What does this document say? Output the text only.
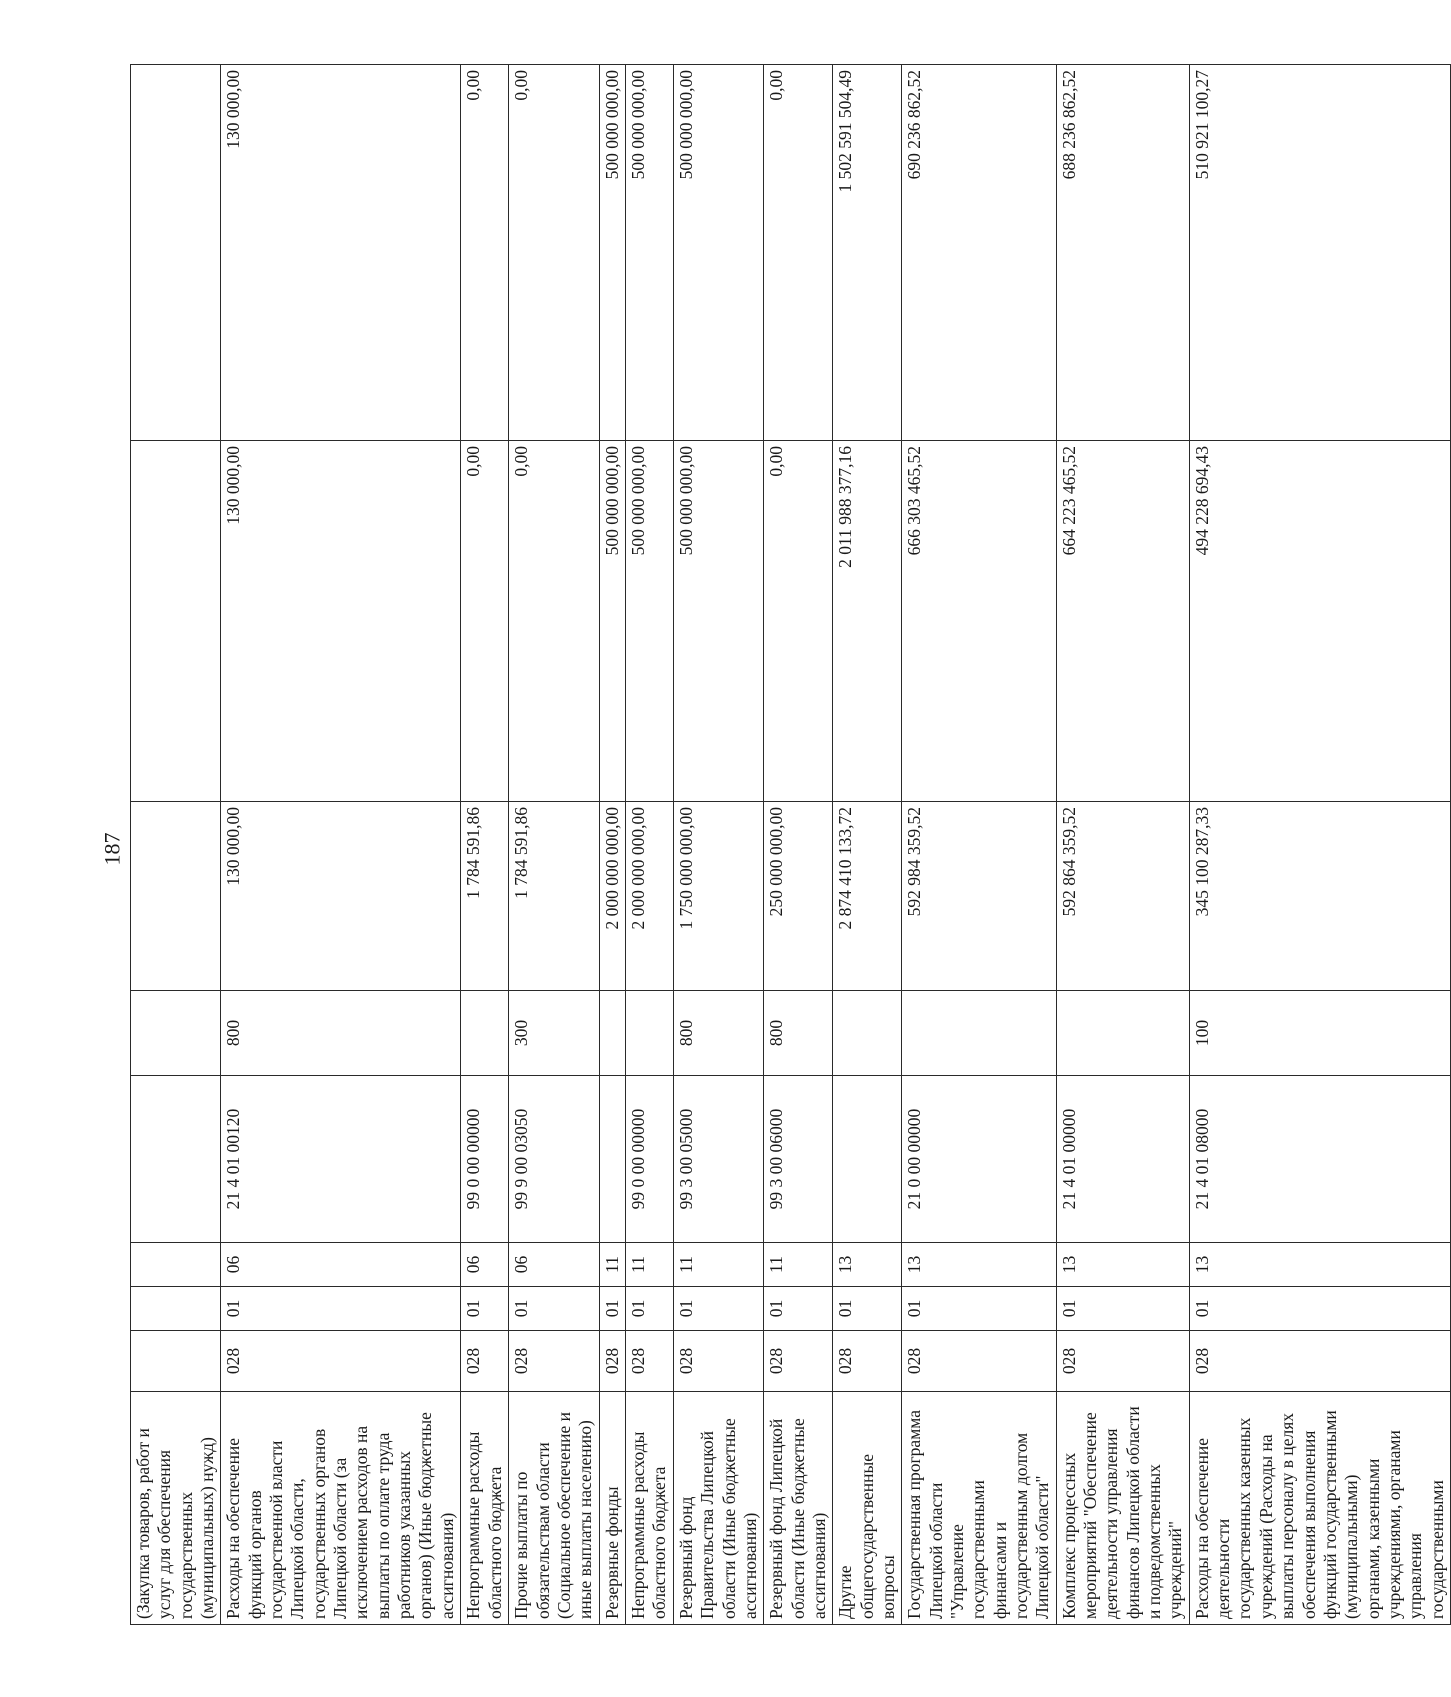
187
(Закупка товаров, работ и услуг для обеспечения государственных (муниципальных) нужд)								
Расходы на обеспечение функций органов государственной власти Липецкой области, государственных органов Липецкой области (за исключением расходов на выплаты по оплате труда работников указанных органов) (Иные бюджетные ассигнования)	028	01	06	21 4 01 00120	800	130 000,00	130 000,00	130 000,00
Непрограммные расходы областного бюджета	028	01	06	99 0 00 00000		1 784 591,86	0,00	0,00
Прочие выплаты по обязательствам области (Социальное обеспечение и иные выплаты населению)	028	01	06	99 9 00 03050	300	1 784 591,86	0,00	0,00
Резервные фонды	028	01	11			2 000 000 000,00	500 000 000,00	500 000 000,00
Непрограммные расходы областного бюджета	028	01	11	99 0 00 00000		2 000 000 000,00	500 000 000,00	500 000 000,00
Резервный фонд Правительства Липецкой области (Иные бюджетные ассигнования)	028	01	11	99 3 00 05000	800	1 750 000 000,00	500 000 000,00	500 000 000,00
Резервный фонд Липецкой области (Иные бюджетные ассигнования)	028	01	11	99 3 00 06000	800	250 000 000,00	0,00	0,00
Другие общегосударственные вопросы	028	01	13			2 874 410 133,72	2 011 988 377,16	1 502 591 504,49
Государственная программа Липецкой области "Управление государственными финансами и государственным долгом Липецкой области"	028	01	13	21 0 00 00000		592 984 359,52	666 303 465,52	690 236 862,52
Комплекс процессных мероприятий "Обеспечение деятельности управления финансов Липецкой области и подведомственных учреждений"	028	01	13	21 4 01 00000		592 864 359,52	664 223 465,52	688 236 862,52
Расходы на обеспечение деятельности государственных казенных учреждений (Расходы на выплаты персоналу в целях обеспечения выполнения функций государственными (муниципальными) органами, казенными учреждениями, органами управления государственными	028	01	13	21 4 01 08000	100	345 100 287,33	494 228 694,43	510 921 100,27
